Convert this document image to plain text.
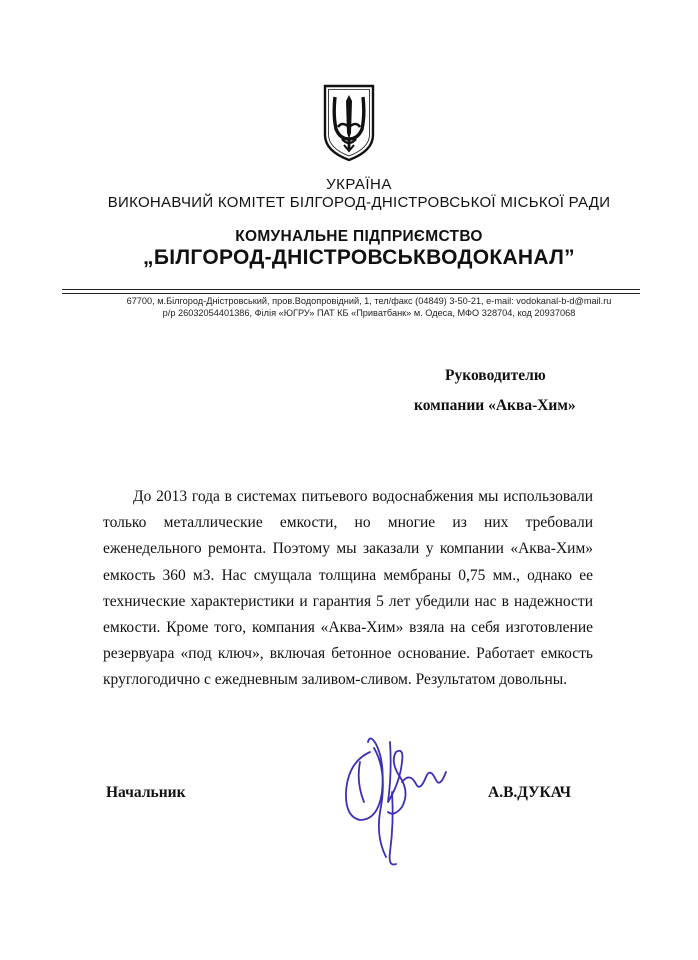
УКРАЇНА
ВИКОНАВЧИЙ КОМІТЕТ БІЛГОРОД-ДНІСТРОВСЬКОЇ МІСЬКОЇ РАДИ
КОМУНАЛЬНЕ ПІДПРИЄМСТВО
„БІЛГОРОД-ДНІСТРОВСЬКВОДОКАНАЛ”
67700, м.Білгород-Дністровський, пров.Водопровідний, 1, тел/факс (04849) 3-50-21, e-mail: vodokanal-b-d@mail.ru
р/р 26032054401386, Філія «ЮГРУ» ПАТ КБ «Приватбанк» м. Одеса, МФО 328704, код 20937068
Руководителю
компании «Аква-Хим»
До 2013 года в системах питьевого водоснабжения мы использовали только металлические емкости, но многие из них требовали еженедельного ремонта. Поэтому мы заказали у компании «Аква-Хим» емкость 360 м3. Нас смущала толщина мембраны 0,75 мм., однако ее технические характеристики и гарантия 5 лет убедили нас в надежности емкости. Кроме того, компания «Аква-Хим» взяла на себя изготовление резервуара «под ключ», включая бетонное основание. Работает емкость круглогодично с ежедневным заливом-сливом. Результатом довольны.
Начальник	А.В.ДУКАЧ
